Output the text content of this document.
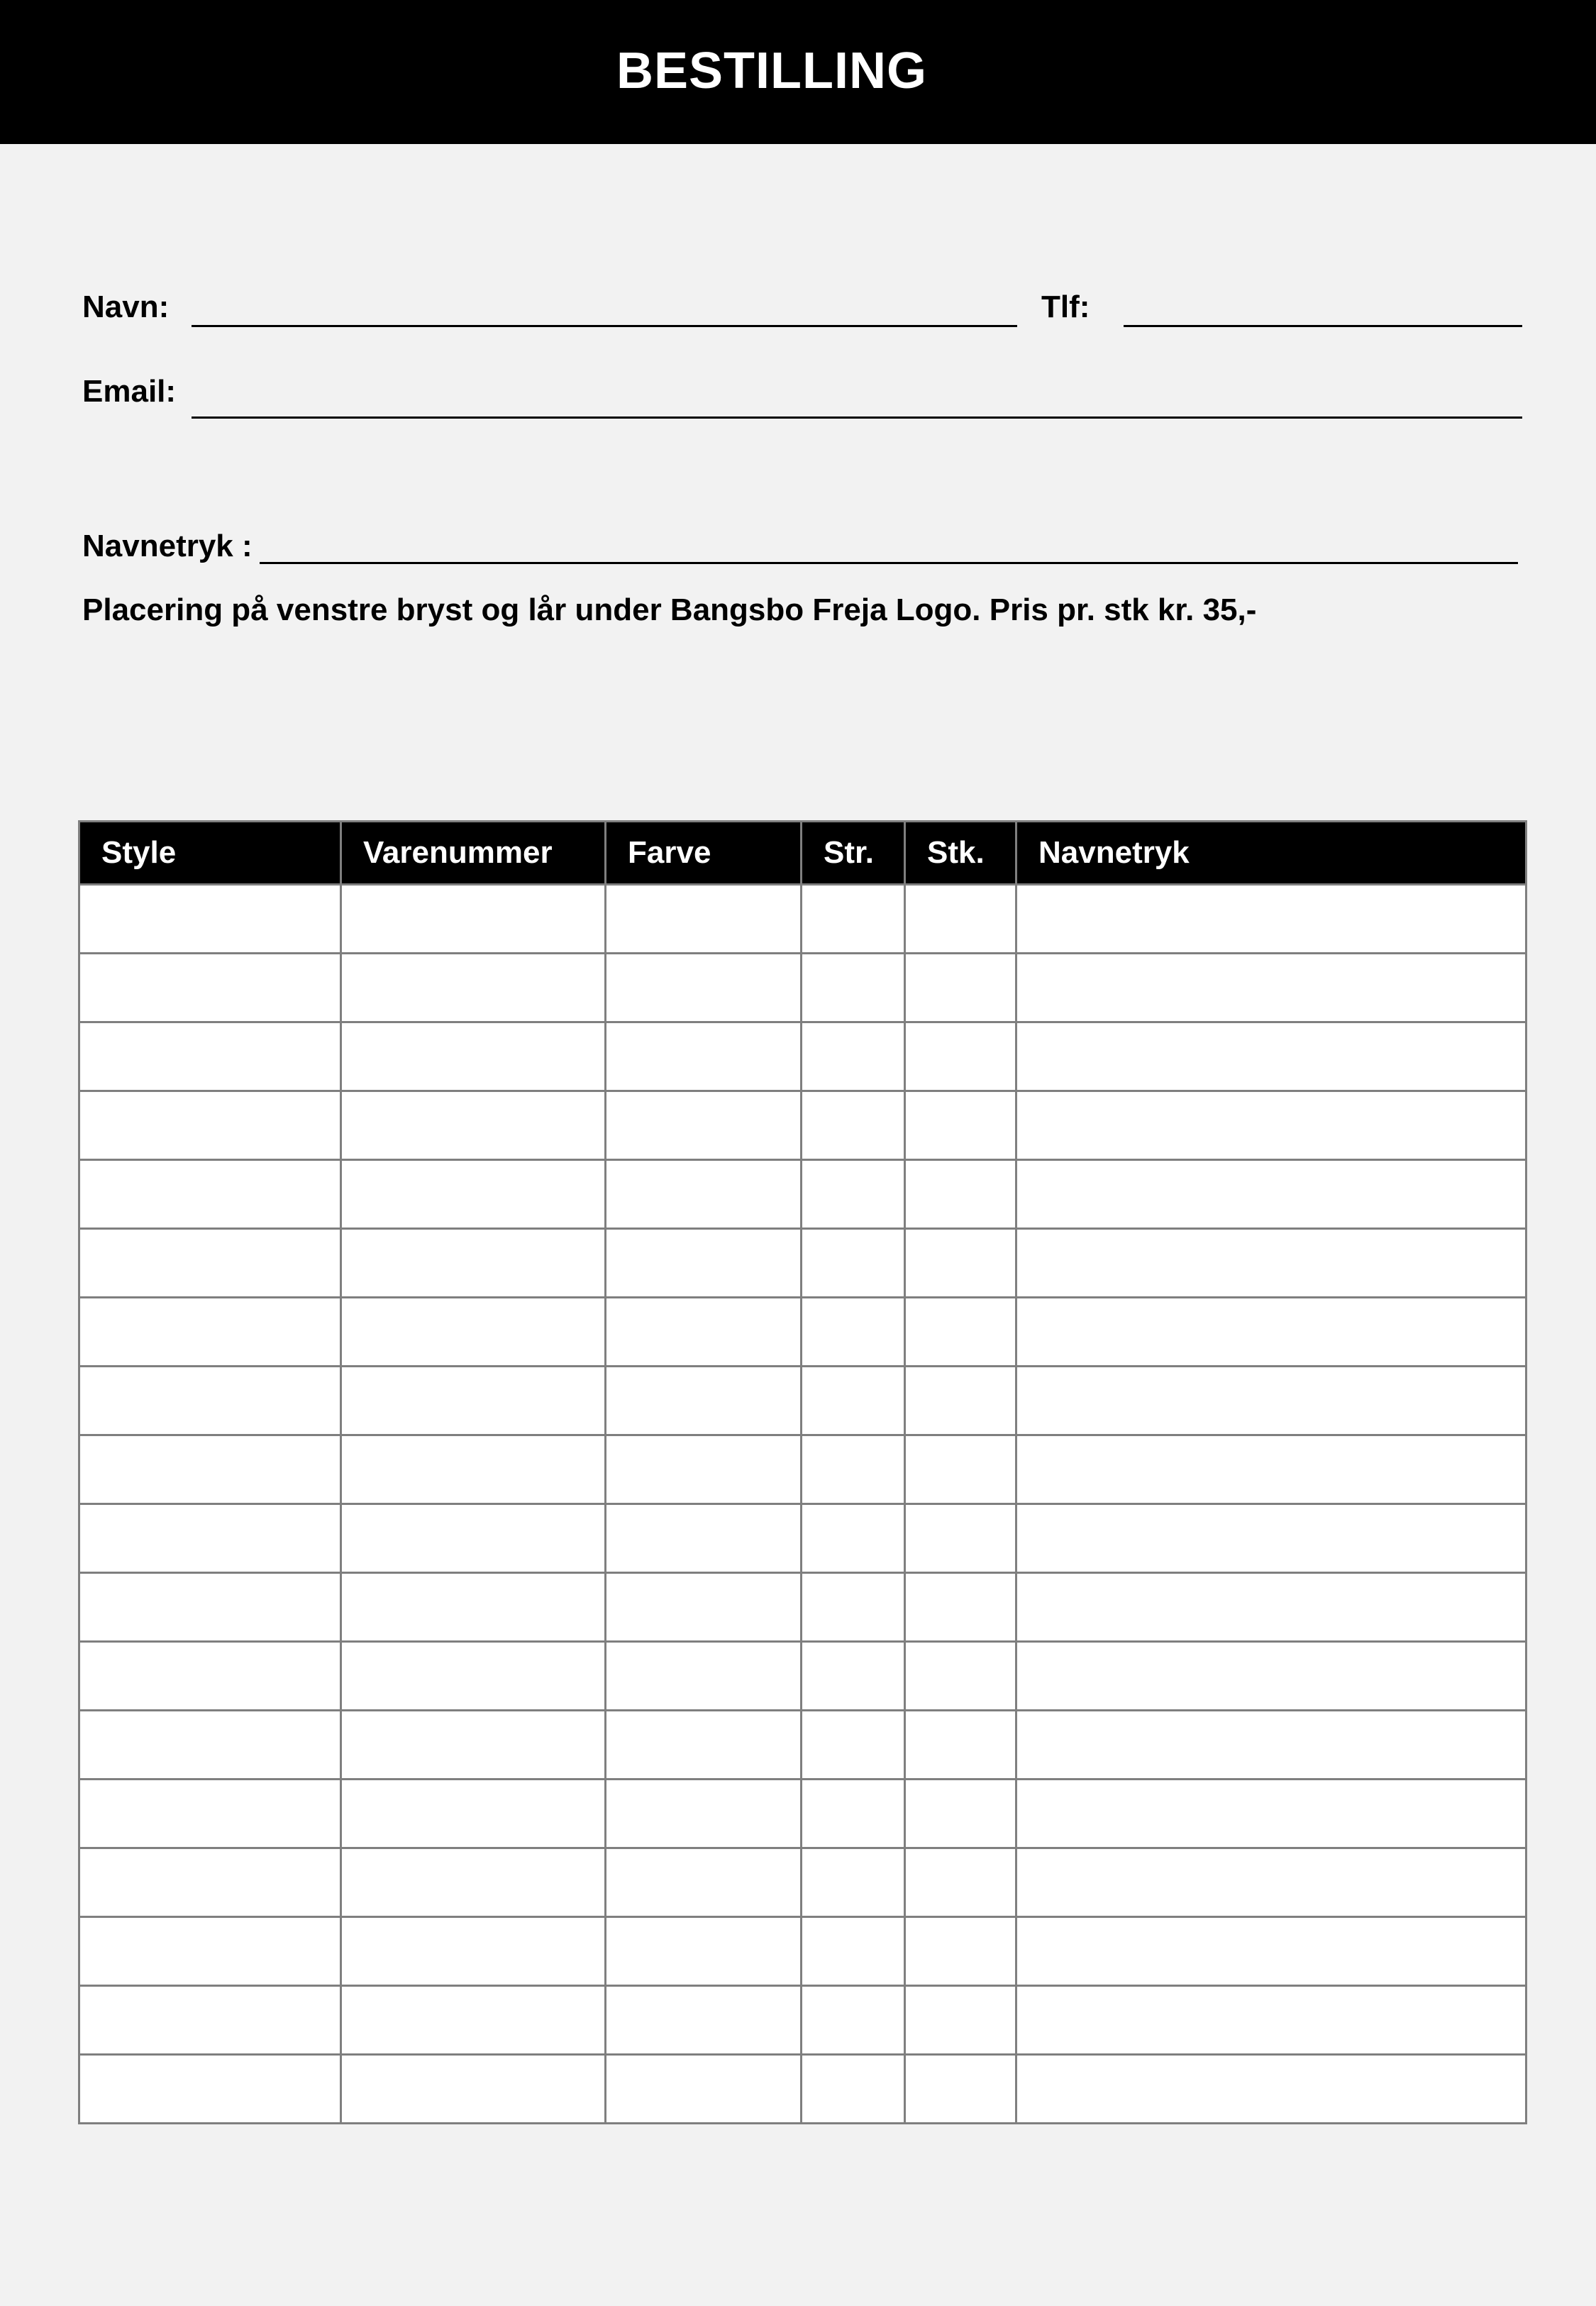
BESTILLING
Navn:	Tlf:
Email:
Navnetryk :
Placering på venstre bryst og lår under Bangsbo Freja Logo. Pris pr. stk kr. 35,-
Style	Varenummer	Farve	Str.	Stk.	Navnetryk
